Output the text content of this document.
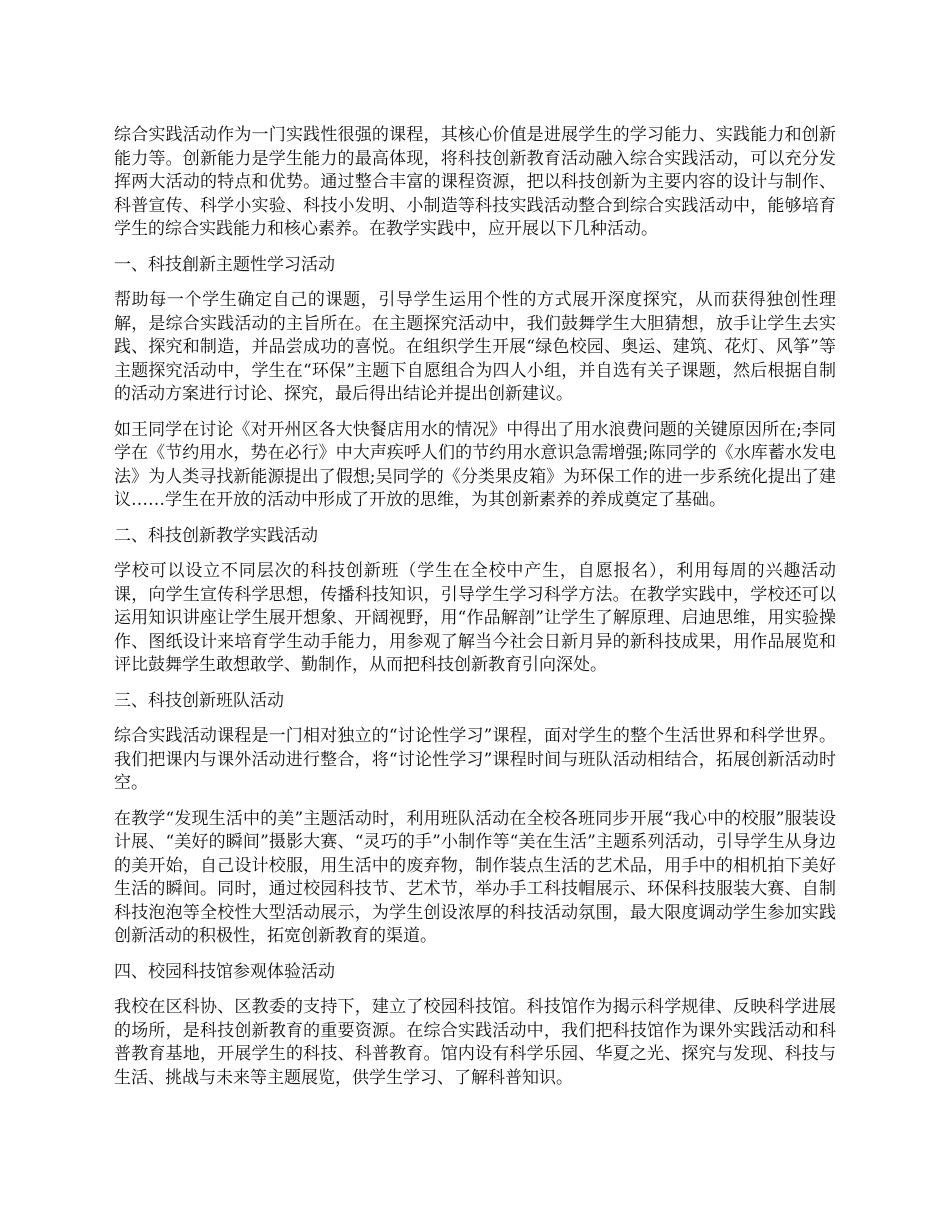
综合实践活动作为一门实践性很强的课程，其核心价值是进展学生的学习能力、实践能力和创新能力等。创新能力是学生能力的最高体现，将科技创新教育活动融入综合实践活动，可以充分发挥两大活动的特点和优势。通过整合丰富的课程资源，把以科技创新为主要内容的设计与制作、科普宣传、科学小实验、科技小发明、小制造等科技实践活动整合到综合实践活动中，能够培育学生的综合实践能力和核心素养。在教学实践中，应开展以下几种活动。

一、科技創新主题性学习活动

帮助每一个学生确定自己的课题，引导学生运用个性的方式展开深度探究，从而获得独创性理解，是综合实践活动的主旨所在。在主题探究活动中，我们鼓舞学生大胆猜想，放手让学生去实践、探究和制造，并品尝成功的喜悦。在组织学生开展“绿色校园、奥运、建筑、花灯、风筝”等主题探究活动中，学生在“环保”主题下自愿组合为四人小组，并自选有关子课题，然后根据自制的活动方案进行讨论、探究，最后得出结论并提出创新建议。

如王同学在讨论《对开州区各大快餐店用水的情况》中得出了用水浪费问题的关键原因所在;李同学在《节约用水，势在必行》中大声疾呼人们的节约用水意识急需增强;陈同学的《水库蓄水发电法》为人类寻找新能源提出了假想;吴同学的《分类果皮箱》为环保工作的进一步系统化提出了建议……学生在开放的活动中形成了开放的思维，为其创新素养的养成奠定了基础。

二、科技创新教学实践活动

学校可以设立不同层次的科技创新班（学生在全校中产生，自愿报名），利用每周的兴趣活动课，向学生宣传科学思想，传播科技知识，引导学生学习科学方法。在教学实践中，学校还可以运用知识讲座让学生展开想象、开阔视野，用“作品解剖”让学生了解原理、启迪思维，用实验操作、图纸设计来培育学生动手能力，用参观了解当今社会日新月异的新科技成果，用作品展览和评比鼓舞学生敢想敢学、勤制作，从而把科技创新教育引向深处。

三、科技创新班队活动

综合实践活动课程是一门相对独立的“讨论性学习”课程，面对学生的整个生活世界和科学世界。我们把课内与课外活动进行整合，将“讨论性学习”课程时间与班队活动相结合，拓展创新活动时空。

在教学“发现生活中的美”主题活动时，利用班队活动在全校各班同步开展“我心中的校服”服装设计展、“美好的瞬间”摄影大赛、“灵巧的手”小制作等“美在生活”主题系列活动，引导学生从身边的美开始，自己设计校服，用生活中的废弃物，制作装点生活的艺术品，用手中的相机拍下美好生活的瞬间。同时，通过校园科技节、艺术节，举办手工科技帽展示、环保科技服装大赛、自制科技泡泡等全校性大型活动展示，为学生创设浓厚的科技活动氛围，最大限度调动学生参加实践创新活动的积极性，拓宽创新教育的渠道。

四、校园科技馆参观体验活动

我校在区科协、区教委的支持下，建立了校园科技馆。科技馆作为揭示科学规律、反映科学进展的场所，是科技创新教育的重要资源。在综合实践活动中，我们把科技馆作为课外实践活动和科普教育基地，开展学生的科技、科普教育。馆内设有科学乐园、华夏之光、探究与发现、科技与生活、挑战与未来等主题展览，供学生学习、了解科普知识。
